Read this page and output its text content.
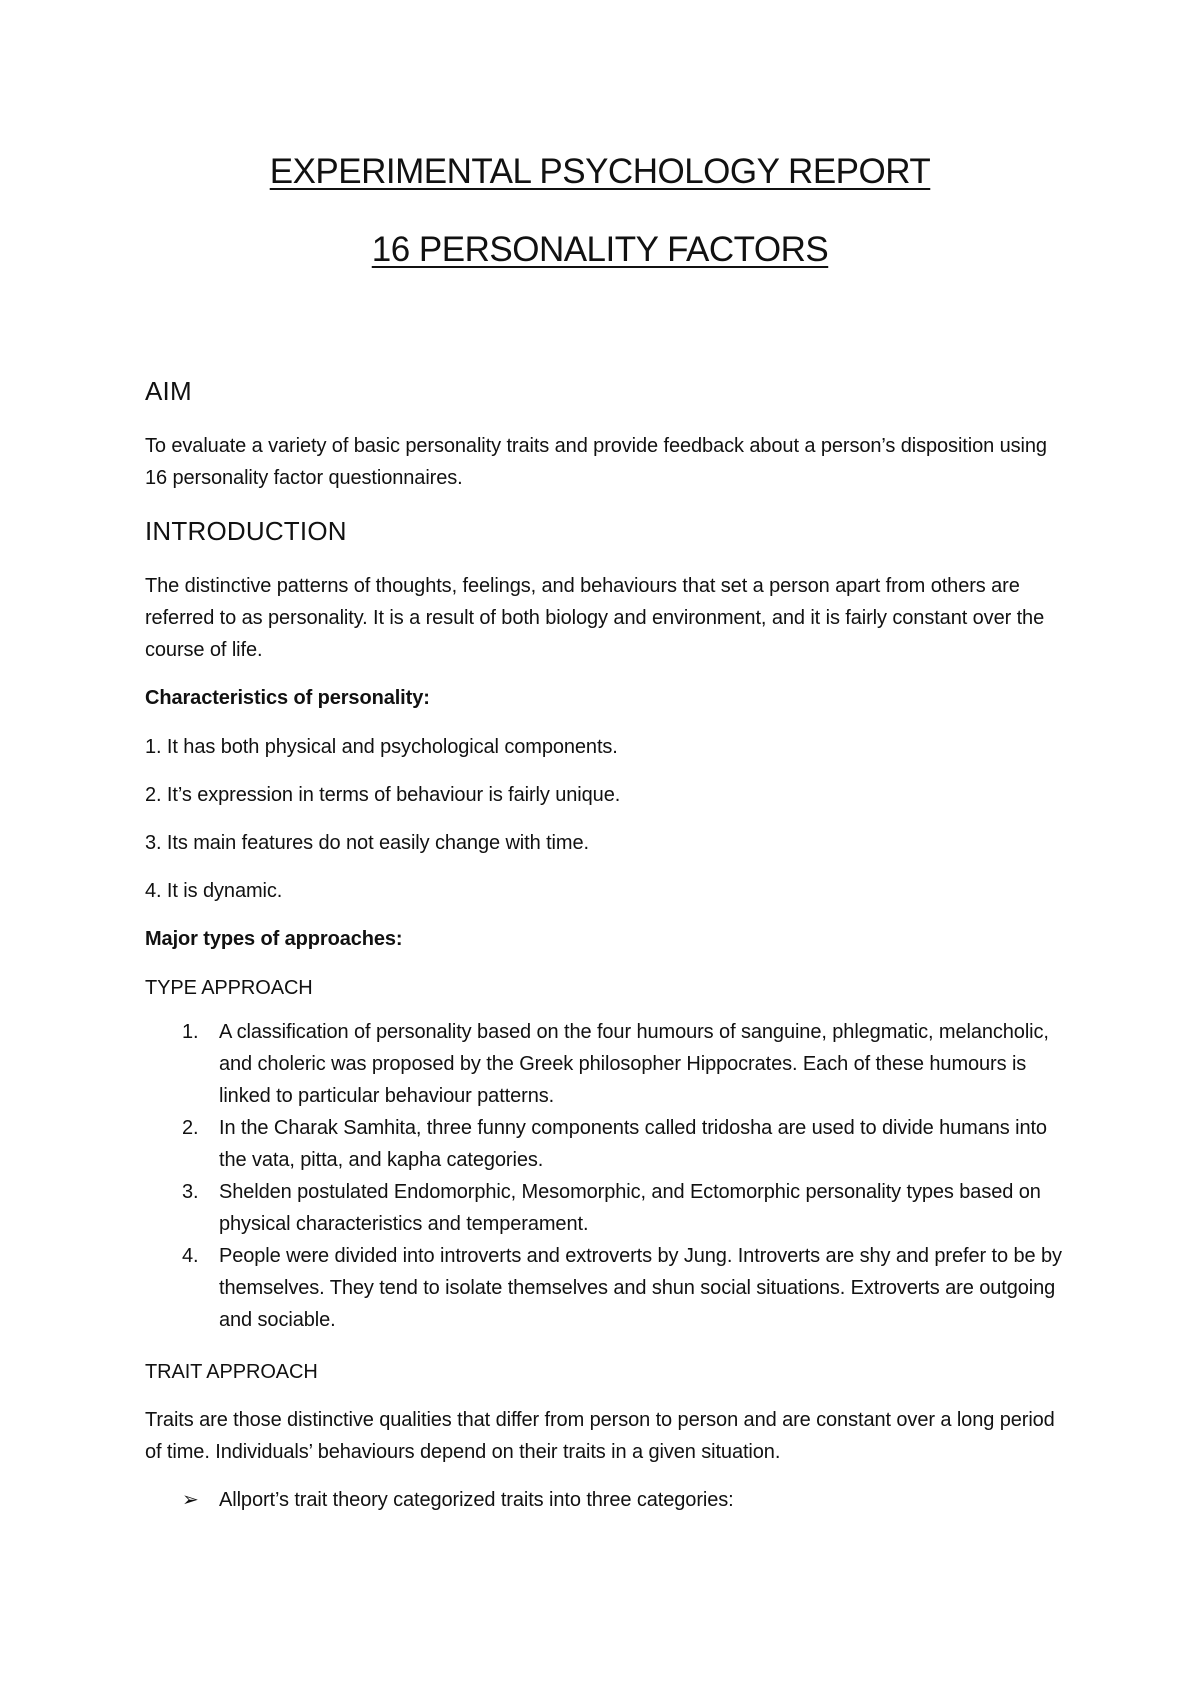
EXPERIMENTAL PSYCHOLOGY REPORT
16 PERSONALITY FACTORS
AIM
To evaluate a variety of basic personality traits and provide feedback about a person’s disposition using 16 personality factor questionnaires.
INTRODUCTION
The distinctive patterns of thoughts, feelings, and behaviours that set a person apart from others are referred to as personality. It is a result of both biology and environment, and it is fairly constant over the course of life.
Characteristics of personality:
1. It has both physical and psychological components.
2. It’s expression in terms of behaviour is fairly unique.
3. Its main features do not easily change with time.
4. It is dynamic.
Major types of approaches:
TYPE APPROACH
1. A classification of personality based on the four humours of sanguine, phlegmatic, melancholic, and choleric was proposed by the Greek philosopher Hippocrates. Each of these humours is linked to particular behaviour patterns.
2. In the Charak Samhita, three funny components called tridosha are used to divide humans into the vata, pitta, and kapha categories.
3. Shelden postulated Endomorphic, Mesomorphic, and Ectomorphic personality types based on physical characteristics and temperament.
4. People were divided into introverts and extroverts by Jung. Introverts are shy and prefer to be by themselves. They tend to isolate themselves and shun social situations. Extroverts are outgoing and sociable.
TRAIT APPROACH
Traits are those distinctive qualities that differ from person to person and are constant over a long period of time. Individuals’ behaviours depend on their traits in a given situation.
➢ Allport’s trait theory categorized traits into three categories:
